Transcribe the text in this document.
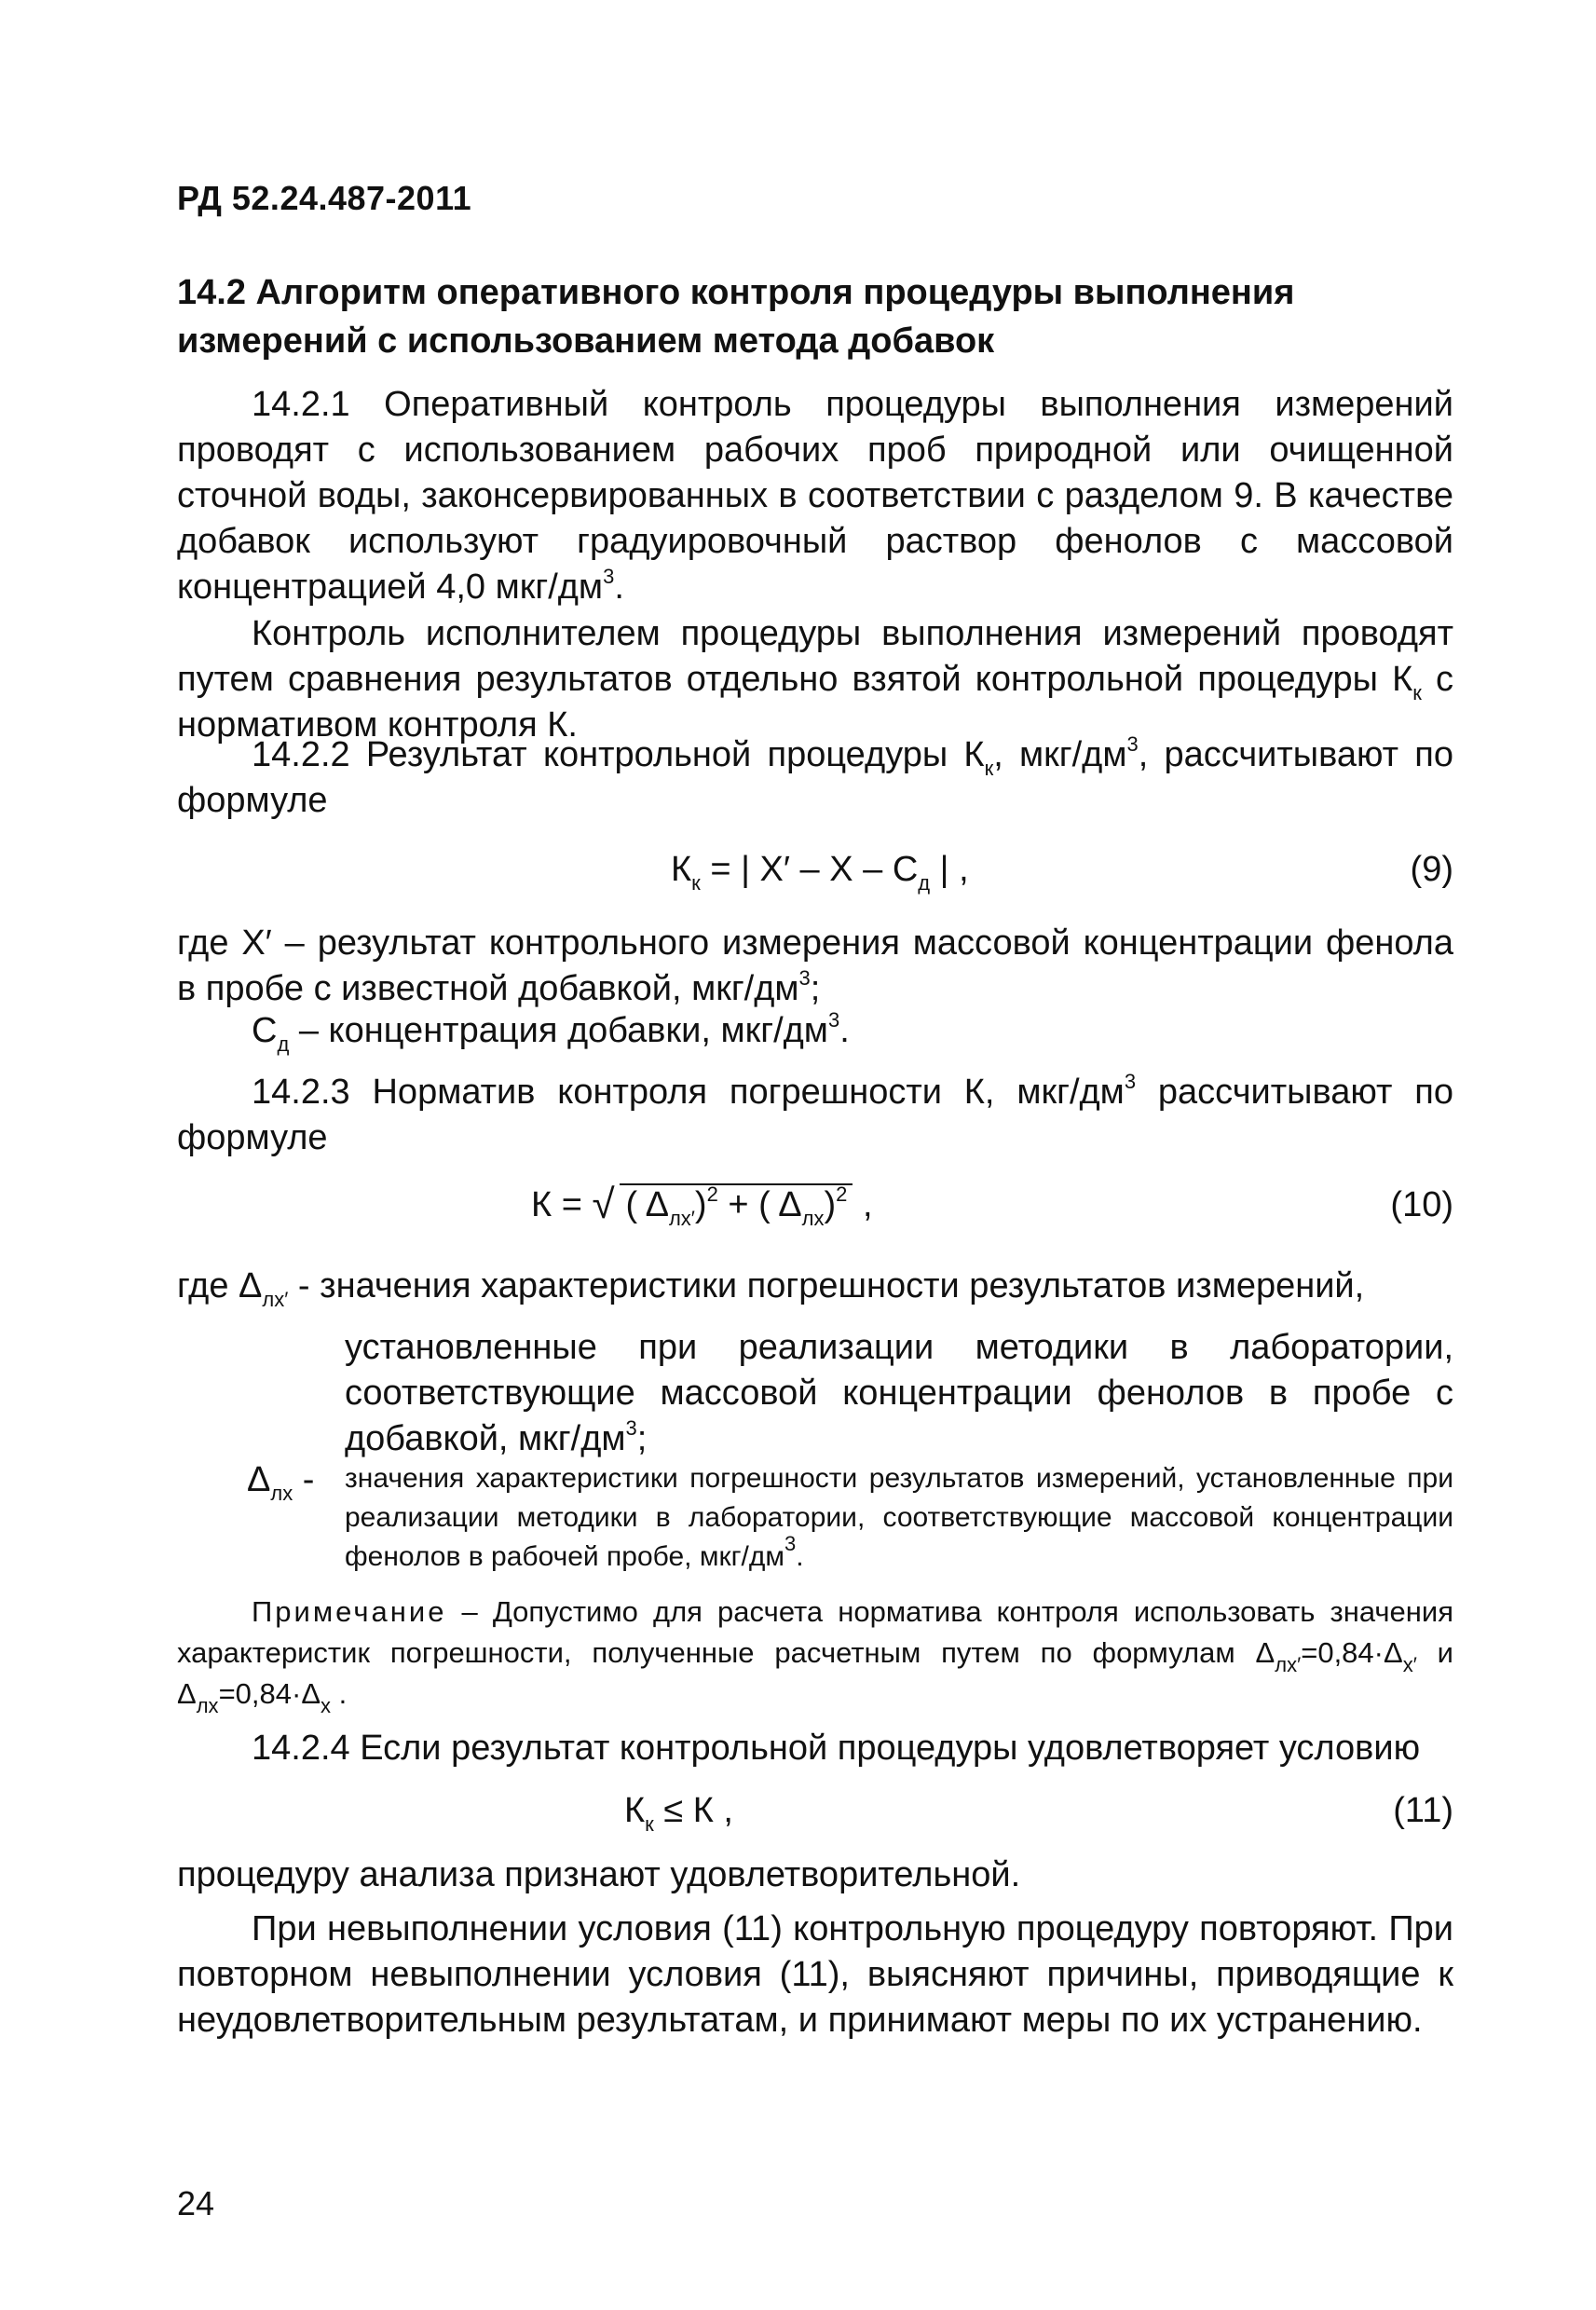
РД 52.24.487-2011
14.2 Алгоритм оперативного контроля процедуры выполнения измерений с использованием метода добавок
14.2.1 Оперативный контроль процедуры выполнения измерений проводят с использованием рабочих проб природной или очищенной сточной воды, законсервированных в соответствии с разделом 9. В качестве добавок используют градуировочный раствор фенолов с массовой концентрацией 4,0 мкг/$дм^3$.
Контроль исполнителем процедуры выполнения измерений проводят путем сравнения результатов отдельно взятой контрольной процедуры $К_к$ с нормативом контроля К.
14.2.2 Результат контрольной процедуры $К_к$, мкг/$дм^3$, рассчитывают по формуле
$К_к$ = | X′ – X – $С_д$ | ,	(9)
где X′ – результат контрольного измерения массовой концентрации фенола в пробе с известной добавкой, мкг/$дм^3$;
$С_д$ – концентрация добавки, мкг/$дм^3$.
14.2.3 Норматив контроля погрешности К, мкг/$дм^3$ рассчитывают по формуле
К = √ ( $\Delta_{лх'})^2$ + ( $\Delta_{лх})^2$ ,	(10)
где $\Delta_{лх'}$ - значения характеристики погрешности результатов измерений,
установленные при реализации методики в лаборатории, соответствующие массовой концентрации фенолов в пробе с добавкой, мкг/$дм^3$;
$\Delta_{лх}$ - значения характеристики погрешности результатов измерений, установленные при реализации методики в лаборатории, соответствующие массовой концентрации фенолов в рабочей пробе, мкг/$дм^3$.
Примечание – Допустимо для расчета норматива контроля использовать значения характеристик погрешности, полученные расчетным путем по формулам $\Delta_{лх'}=0,84\cdot\Delta_{х'}$ и $\Delta_{лх}=0,84\cdot\Delta_х$ .
14.2.4 Если результат контрольной процедуры удовлетворяет условию
$К_к \le К$ ,	(11)
процедуру анализа признают удовлетворительной.
При невыполнении условия (11) контрольную процедуру повторяют. При повторном невыполнении условия (11), выясняют причины, приводящие к неудовлетворительным результатам, и принимают меры по их устранению.
24
